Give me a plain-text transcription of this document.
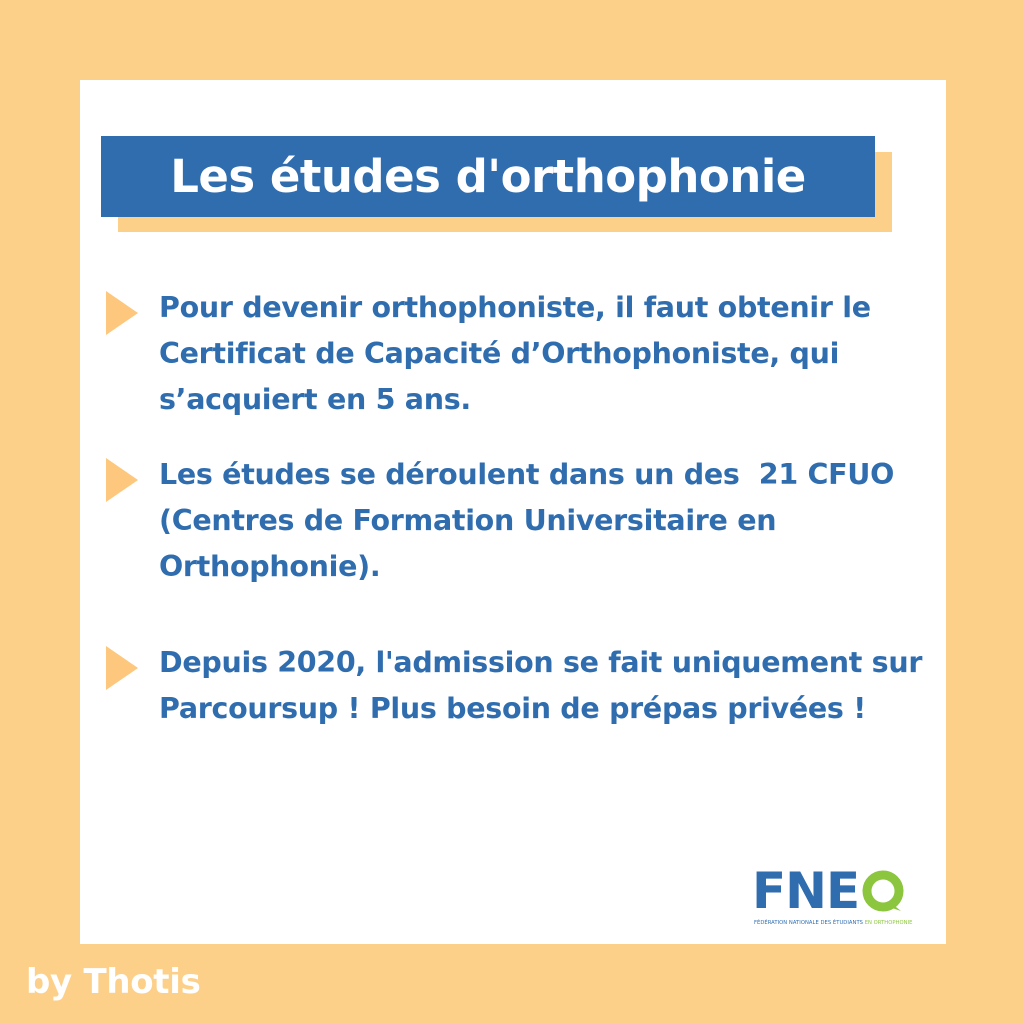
Les études d'orthophonie
Pour devenir orthophoniste, il faut obtenir le Certificat de Capacité d’Orthophoniste, qui s’acquiert en 5 ans.
Les études se déroulent dans un des  21 CFUO (Centres de Formation Universitaire en Orthophonie).
Depuis 2020, l'admission se fait uniquement sur Parcoursup ! Plus besoin de prépas privées !
FNE
FÉDÉRATION NATIONALE DES ÉTUDIANTS EN ORTHOPHONIE
by Thotis
